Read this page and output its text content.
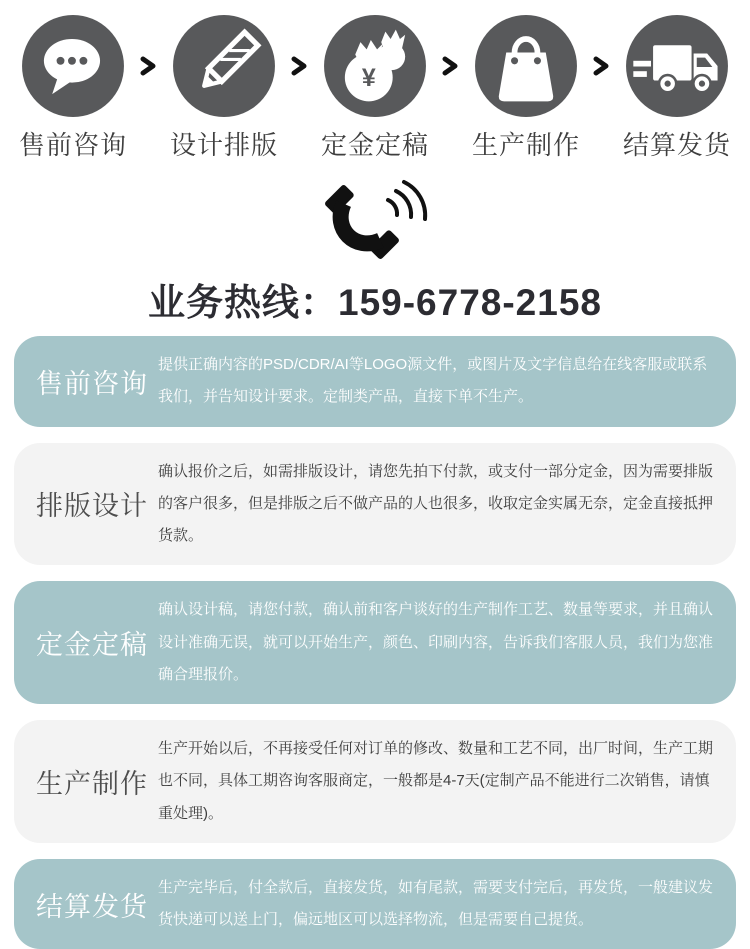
售前咨询 设计排版
¥
定金定稿 生产制作 结算发货
业务热线：159-6778-2158
售前咨询
提供正确内容的PSD/CDR/AI等LOGO源文件，或图片及文字信息给在线客服或联系我们，并告知设计要求。定制类产品，直接下单不生产。
排版设计
确认报价之后，如需排版设计，请您先拍下付款，或支付一部分定金，因为需要排版的客户很多，但是排版之后不做产品的人也很多，收取定金实属无奈，定金直接抵押货款。
定金定稿
确认设计稿，请您付款，确认前和客户谈好的生产制作工艺、数量等要求，并且确认设计准确无误，就可以开始生产，颜色、印刷内容，告诉我们客服人员，我们为您准确合理报价。
生产制作
生产开始以后，不再接受任何对订单的修改、数量和工艺不同，出厂时间，生产工期也不同，具体工期咨询客服商定，一般都是4-7天(定制产品不能进行二次销售，请慎重处理)。
结算发货
生产完毕后，付全款后，直接发货，如有尾款，需要支付完后，再发货，一般建议发货快递可以送上门，偏远地区可以选择物流，但是需要自己提货。
